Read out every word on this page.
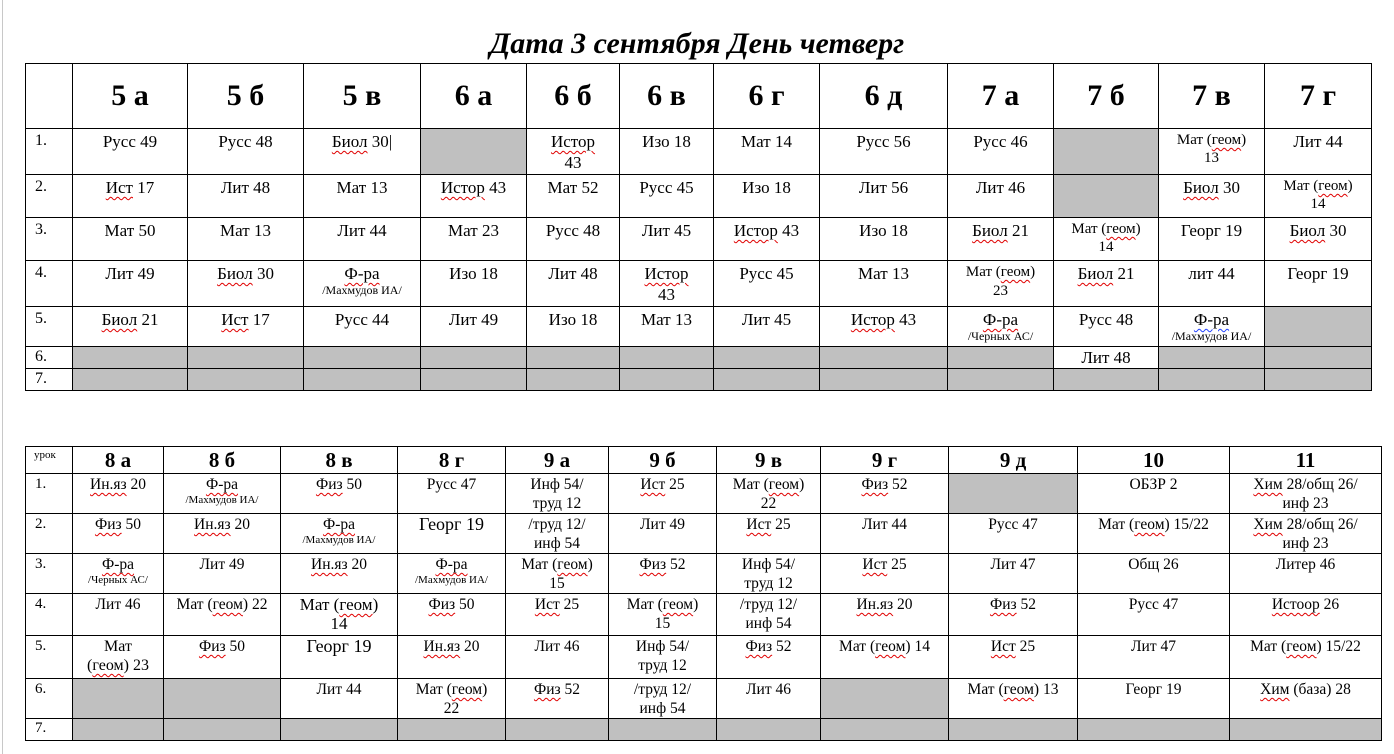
Дата 3 сентября День четверг
	5 а	5 б	5 в	6 а	6 б	6 в	6 г	6 д	7 а	7 б	7 в	7 г
1.	Русс 49	Русс 48	Биол 30|		Истор
43	Изо 18	Мат 14	Русс 56	Русс 46		Мат (геом)
13	Лит 44
2.	Ист 17	Лит 48	Мат 13	Истор 43	Мат 52	Русс 45	Изо 18	Лит 56	Лит 46		Биол 30	Мат (геом)
14

3.	Мат 50	Мат 13	Лит 44	Мат 23	Русс 48	Лит 45	Истор 43	Изо 18	Биол 21	Мат (геом)
14	Георг 19	Биол 30
4.	Лит 49	Биол 30	Ф-ра
/Махмудов ИА/	Изо 18	Лит 48	Истор
43	Русс 45	Мат 13	Мат (геом)
23	Биол 21	лит 44	Георг 19
5.	Биол 21	Ист 17	Русс 44	Лит 49	Изо 18	Мат 13	Лит 45	Истор 43	Ф-ра
/Черных АС/	Русс 48	Ф-ра
/Махмудов ИА/	

6.										Лит 48		
7.												
урок	8 а	8 б	8 в	8 г	9 а	9 б	9 в	9 г	9 д	10	11
1.	Ин.яз 20	Ф-ра
/Махмудов ИА/	Физ 50	Русс 47	Инф 54/
труд 12	Ист 25	Мат (геом)
22	Физ 52		ОБЗР 2	Хим 28/общ 26/
инф 23

2.	Физ 50	Ин.яз 20	Ф-ра
/Махмудов ИА/	Георг 19	/труд 12/
инф 54	Лит 49	Ист 25	Лит 44	Русс 47	Мат (геом) 15/22	Хим 28/общ 26/
инф 23

3.	Ф-ра
/Черных АС/	Лит 49	Ин.яз 20	Ф-ра
/Махмудов ИА/	Мат (геом)
15	Физ 52	Инф 54/
труд 12	Ист 25	Лит 47	Общ 26	Литер 46
4.	Лит 46	Мат (геом) 22	Мат (геом)
14	Физ 50	Ист 25	Мат (геом)
15	/труд 12/
инф 54	Ин.яз 20	Физ 52	Русс 47	Истоор 26
5.	Мат
(геом) 23	Физ 50	Георг 19	Ин.яз 20	Лит 46	Инф 54/
труд 12	Физ 52	Мат (геом) 14	Ист 25	Лит 47	Мат (геом) 15/22
6.			Лит 44	Мат (геом)
22	Физ 52	/труд 12/
инф 54	Лит 46		Мат (геом) 13	Георг 19	Хим (база) 28
7.											
